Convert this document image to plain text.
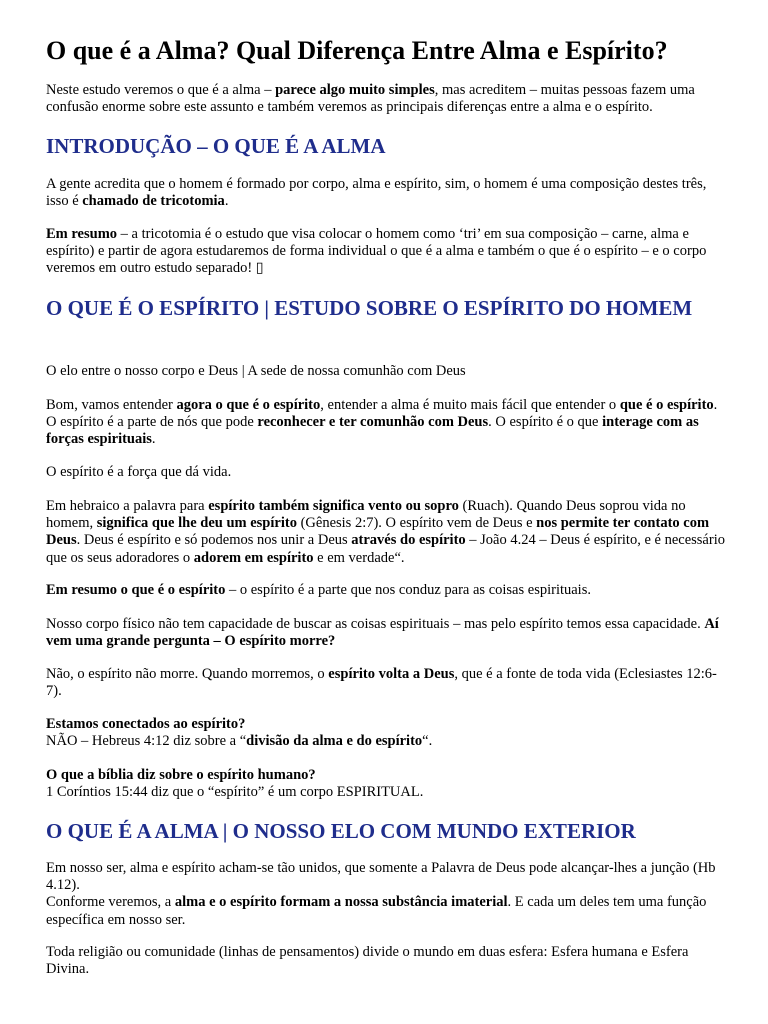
O que é a Alma? Qual Diferença Entre Alma e Espírito?

Neste estudo veremos o que é a alma – parece algo muito simples, mas acreditem – muitas pessoas fazem uma confusão enorme sobre este assunto e também veremos as principais diferenças entre a alma e o espírito.

INTRODUÇÃO – O QUE É A ALMA

A gente acredita que o homem é formado por corpo, alma e espírito, sim, o homem é uma composição destes três, isso é chamado de tricotomia.

Em resumo – a tricotomia é o estudo que visa colocar o homem como ‘tri’ em sua composição – carne, alma e espírito) e partir de agora estudaremos de forma individual o que é a alma e também o que é o espírito – e o corpo veremos em outro estudo separado! ▯

O QUE É O ESPÍRITO | ESTUDO SOBRE O ESPÍRITO DO HOMEM

O elo entre o nosso corpo e Deus | A sede de nossa comunhão com Deus

Bom, vamos entender agora o que é o espírito, entender a alma é muito mais fácil que entender o que é o espírito. O espírito é a parte de nós que pode reconhecer e ter comunhão com Deus. O espírito é o que interage com as forças espirituais.

O espírito é a força que dá vida.

Em hebraico a palavra para espírito também significa vento ou sopro (Ruach). Quando Deus soprou vida no homem, significa que lhe deu um espírito (Gênesis 2:7). O espírito vem de Deus e nos permite ter contato com Deus. Deus é espírito e só podemos nos unir a Deus através do espírito – João 4.24 – Deus é espírito, e é necessário que os seus adoradores o adorem em espírito e em verdade“.

Em resumo o que é o espírito – o espírito é a parte que nos conduz para as coisas espirituais.

Nosso corpo físico não tem capacidade de buscar as coisas espirituais – mas pelo espírito temos essa capacidade. Aí vem uma grande pergunta – O espírito morre?

Não, o espírito não morre. Quando morremos, o espírito volta a Deus, que é a fonte de toda vida (Eclesiastes 12:6-7).

Estamos conectados ao espírito?
NÃO – Hebreus 4:12 diz sobre a “divisão da alma e do espírito“.

O que a bíblia diz sobre o espírito humano?
1 Coríntios 15:44 diz que o “espírito” é um corpo ESPIRITUAL.

O QUE É A ALMA | O NOSSO ELO COM MUNDO EXTERIOR

Em nosso ser, alma e espírito acham-se tão unidos, que somente a Palavra de Deus pode alcançar-lhes a junção (Hb 4.12).
Conforme veremos, a alma e o espírito formam a nossa substância imaterial. E cada um deles tem uma função específica em nosso ser.

Toda religião ou comunidade (linhas de pensamentos) divide o mundo em duas esfera: Esfera humana e Esfera Divina.
